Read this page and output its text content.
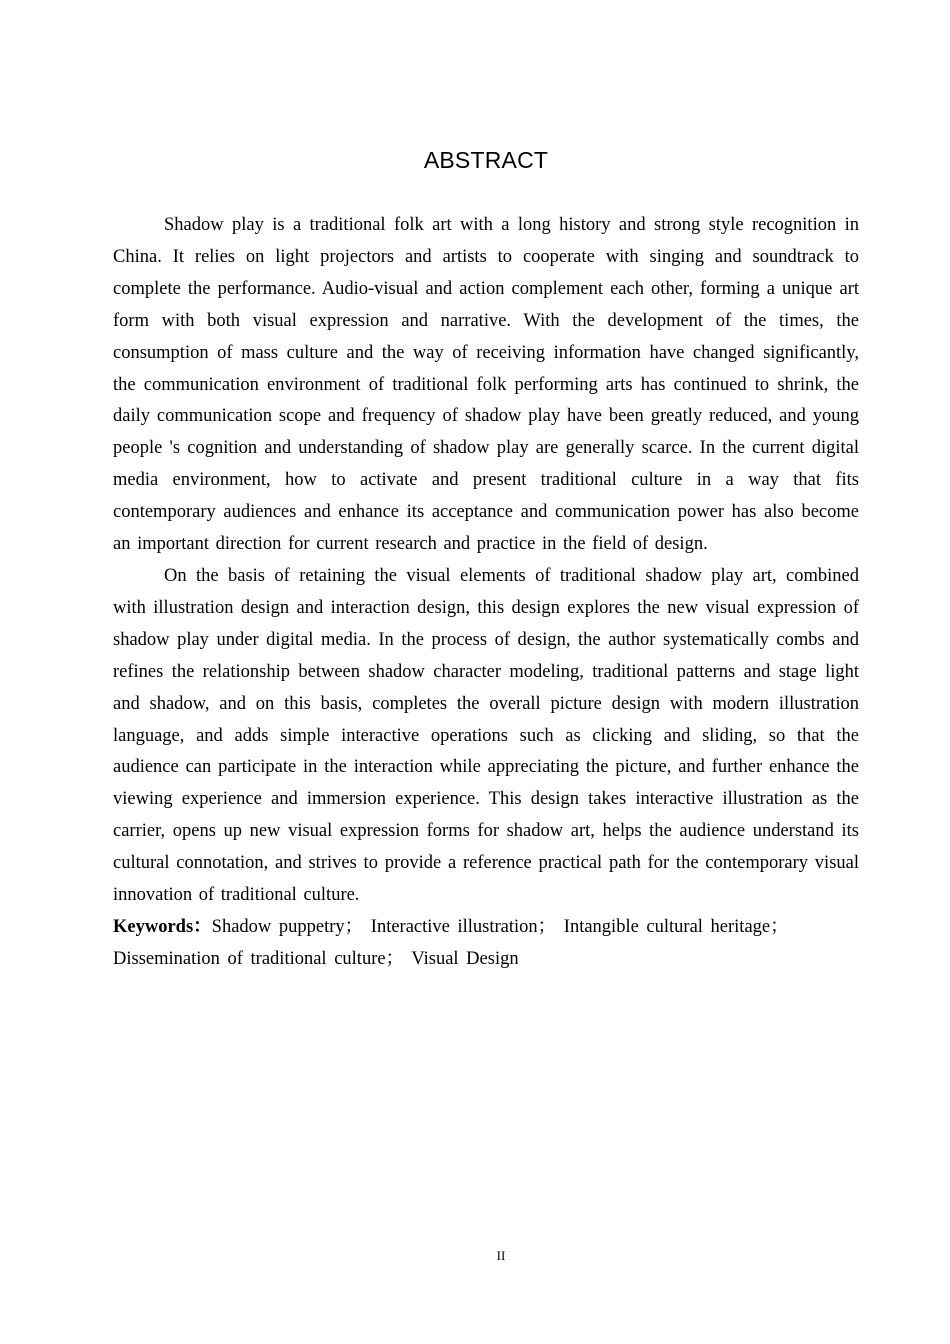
ABSTRACT

Shadow play is a traditional folk art with a long history and strong style recognition in China. It relies on light projectors and artists to cooperate with singing and soundtrack to complete the performance. Audio-visual and action complement each other, forming a unique art form with both visual expression and narrative. With the development of the times, the consumption of mass culture and the way of receiving information have changed significantly, the communication environment of traditional folk performing arts has continued to shrink, the daily communication scope and frequency of shadow play have been greatly reduced, and young people 's cognition and understanding of shadow play are generally scarce. In the current digital media environment, how to activate and present traditional culture in a way that fits contemporary audiences and enhance its acceptance and communication power has also become an important direction for current research and practice in the field of design.

On the basis of retaining the visual elements of traditional shadow play art, combined with illustration design and interaction design, this design explores the new visual expression of shadow play under digital media. In the process of design, the author systematically combs and refines the relationship between shadow character modeling, traditional patterns and stage light and shadow, and on this basis, completes the overall picture design with modern illustration language, and adds simple interactive operations such as clicking and sliding, so that the audience can participate in the interaction while appreciating the picture, and further enhance the viewing experience and immersion experience. This design takes interactive illustration as the carrier, opens up new visual expression forms for shadow art, helps the audience understand its cultural connotation, and strives to provide a reference practical path for the contemporary visual innovation of traditional culture.

Keywords：Shadow puppetry； Interactive illustration； Intangible cultural heritage；
Dissemination of traditional culture； Visual Design

II
